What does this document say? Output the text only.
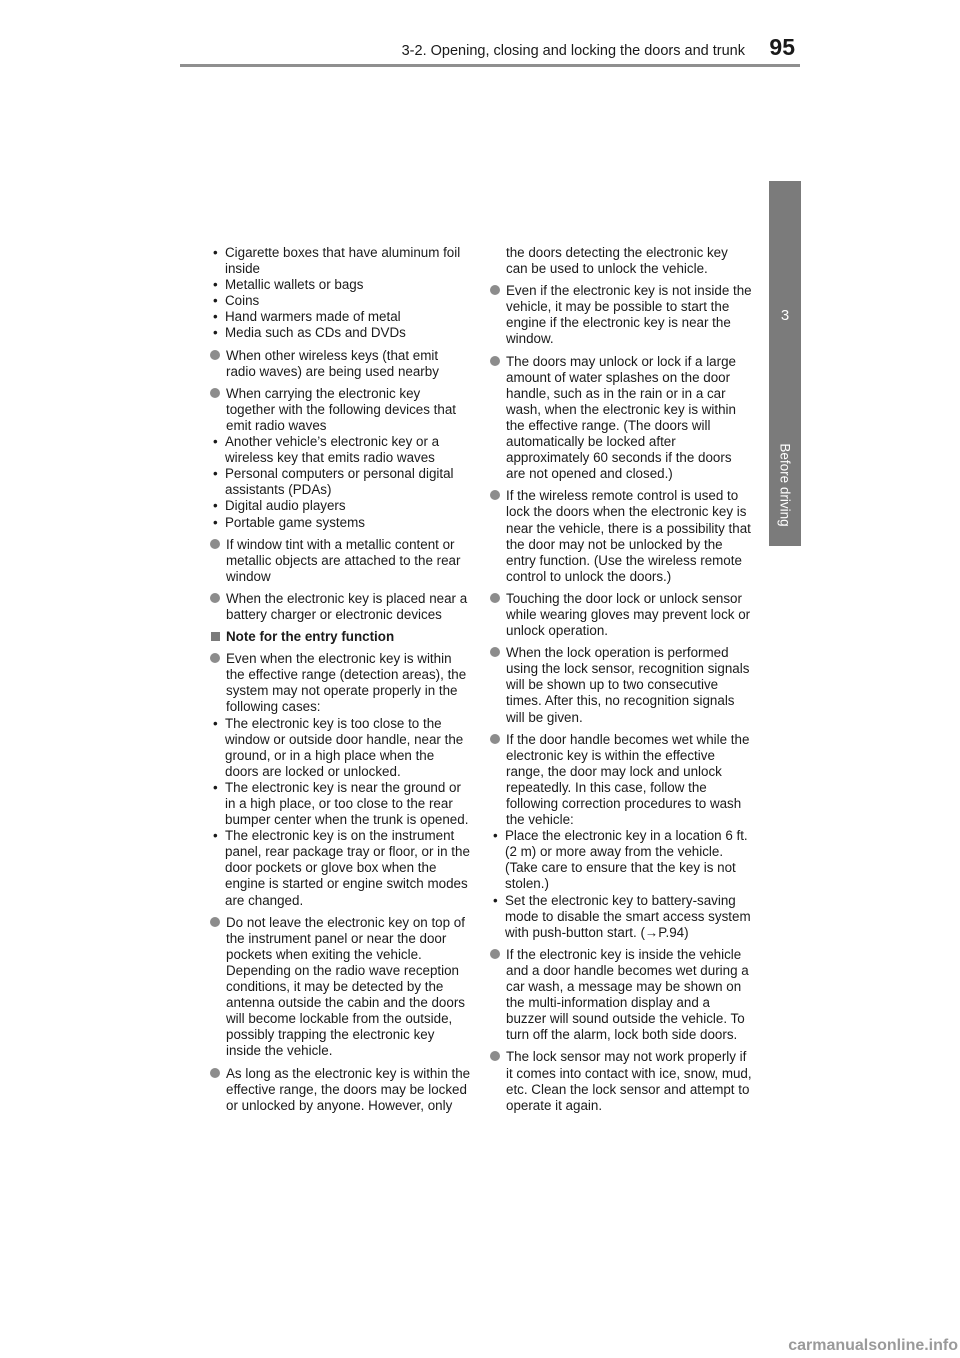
3-2. Opening, closing and locking the doors and trunk	95
3
Before driving
• Cigarette boxes that have aluminum foil inside
• Metallic wallets or bags
• Coins
• Hand warmers made of metal
• Media such as CDs and DVDs
When other wireless keys (that emit radio waves) are being used nearby
When carrying the electronic key together with the following devices that emit radio waves
• Another vehicle’s electronic key or a wireless key that emits radio waves
• Personal computers or personal digital assistants (PDAs)
• Digital audio players
• Portable game systems
If window tint with a metallic content or metallic objects are attached to the rear window
When the electronic key is placed near a battery charger or electronic devices
Note for the entry function
Even when the electronic key is within the effective range (detection areas), the system may not operate properly in the following cases:
• The electronic key is too close to the window or outside door handle, near the ground, or in a high place when the doors are locked or unlocked.
• The electronic key is near the ground or in a high place, or too close to the rear bumper center when the trunk is opened.
• The electronic key is on the instrument panel, rear package tray or floor, or in the door pockets or glove box when the engine is started or engine switch modes are changed.
Do not leave the electronic key on top of the instrument panel or near the door pockets when exiting the vehicle. Depending on the radio wave reception conditions, it may be detected by the antenna outside the cabin and the doors will become lockable from the outside, possibly trapping the electronic key inside the vehicle.
As long as the electronic key is within the effective range, the doors may be locked or unlocked by anyone. However, only
the doors detecting the electronic key can be used to unlock the vehicle.
Even if the electronic key is not inside the vehicle, it may be possible to start the engine if the electronic key is near the window.
The doors may unlock or lock if a large amount of water splashes on the door handle, such as in the rain or in a car wash, when the electronic key is within the effective range. (The doors will automatically be locked after approximately 60 seconds if the doors are not opened and closed.)
If the wireless remote control is used to lock the doors when the electronic key is near the vehicle, there is a possibility that the door may not be unlocked by the entry function. (Use the wireless remote control to unlock the doors.)
Touching the door lock or unlock sensor while wearing gloves may prevent lock or unlock operation.
When the lock operation is performed using the lock sensor, recognition signals will be shown up to two consecutive times. After this, no recognition signals will be given.
If the door handle becomes wet while the electronic key is within the effective range, the door may lock and unlock repeatedly. In this case, follow the following correction procedures to wash the vehicle:
• Place the electronic key in a location 6 ft. (2 m) or more away from the vehicle. (Take care to ensure that the key is not stolen.)
• Set the electronic key to battery-saving mode to disable the smart access system with push-button start. (→P.94)
If the electronic key is inside the vehicle and a door handle becomes wet during a car wash, a message may be shown on the multi-information display and a buzzer will sound outside the vehicle. To turn off the alarm, lock both side doors.
The lock sensor may not work properly if it comes into contact with ice, snow, mud, etc. Clean the lock sensor and attempt to operate it again.
carmanualsonline.info
